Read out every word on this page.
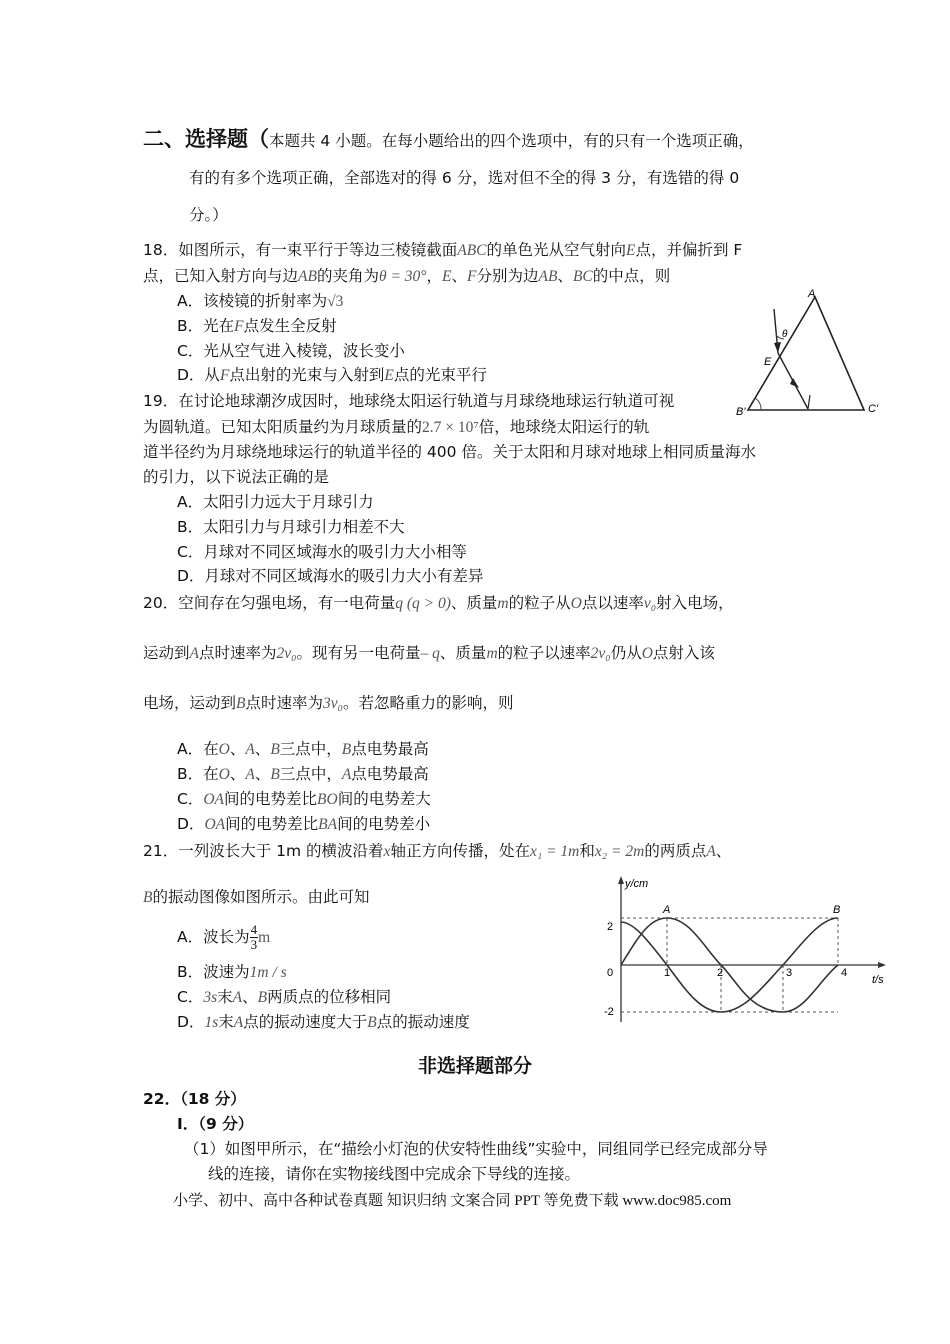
二、选择题（本题共 4 小题。在每小题给出的四个选项中，有的只有一个选项正确，
有的有多个选项正确，全部选对的得 6 分，选对但不全的得 3 分，有选错的得 0
分。）
18．如图所示，有一束平行于等边三棱镜截面ABC的单色光从空气射向E点，并偏折到 F
点，已知入射方向与边AB的夹角为θ = 30°，E、F分别为边AB、BC的中点，则
A．该棱镜的折射率为√3
B．光在F点发生全反射
C．光从空气进入棱镜，波长变小
D．从F点出射的光束与入射到E点的光束平行
A
B'	C'
E
θ
19．在讨论地球潮汐成因时，地球绕太阳运行轨道与月球绕地球运行轨道可视
为圆轨道。已知太阳质量约为月球质量的2.7 × 10⁷倍，地球绕太阳运行的轨
道半径约为月球绕地球运行的轨道半径的 400 倍。关于太阳和月球对地球上相同质量海水
的引力，以下说法正确的是
A．太阳引力远大于月球引力
B．太阳引力与月球引力相差不大
C．月球对不同区域海水的吸引力大小相等
D．月球对不同区域海水的吸引力大小有差异
20．空间存在匀强电场，有一电荷量q (q > 0)、质量m的粒子从O点以速率v₀射入电场，
运动到A点时速率为2v₀。现有另一电荷量– q、质量m的粒子以速率2v₀仍从O点射入该
电场，运动到B点时速率为3v₀。若忽略重力的影响，则
A．在O、A、B三点中，B点电势最高
B．在O、A、B三点中，A点电势最高
C．OA间的电势差比BO间的电势差大
D．OA间的电势差比BA间的电势差小
21．一列波长大于 1m 的横波沿着x轴正方向传播，处在x₁ = 1m和x₂ = 2m的两质点A、
B的振动图像如图所示。由此可知
A．波长为 $\frac{4}{3}$ m
B．波速为1m / s
C．3s末A、B两质点的位移相同
D．1s末A点的振动速度大于B点的振动速度
y/cm
t/s
2
0
-2
1	2	3	4
A	B
非选择题部分
22．（18 分）
I．（9 分）
（1）如图甲所示，在“描绘小灯泡的伏安特性曲线”实验中，同组同学已经完成部分导
线的连接，请你在实物接线图中完成余下导线的连接。
小学、初中、高中各种试卷真题 知识归纳 文案合同 PPT 等免费下载 www.doc985.com
